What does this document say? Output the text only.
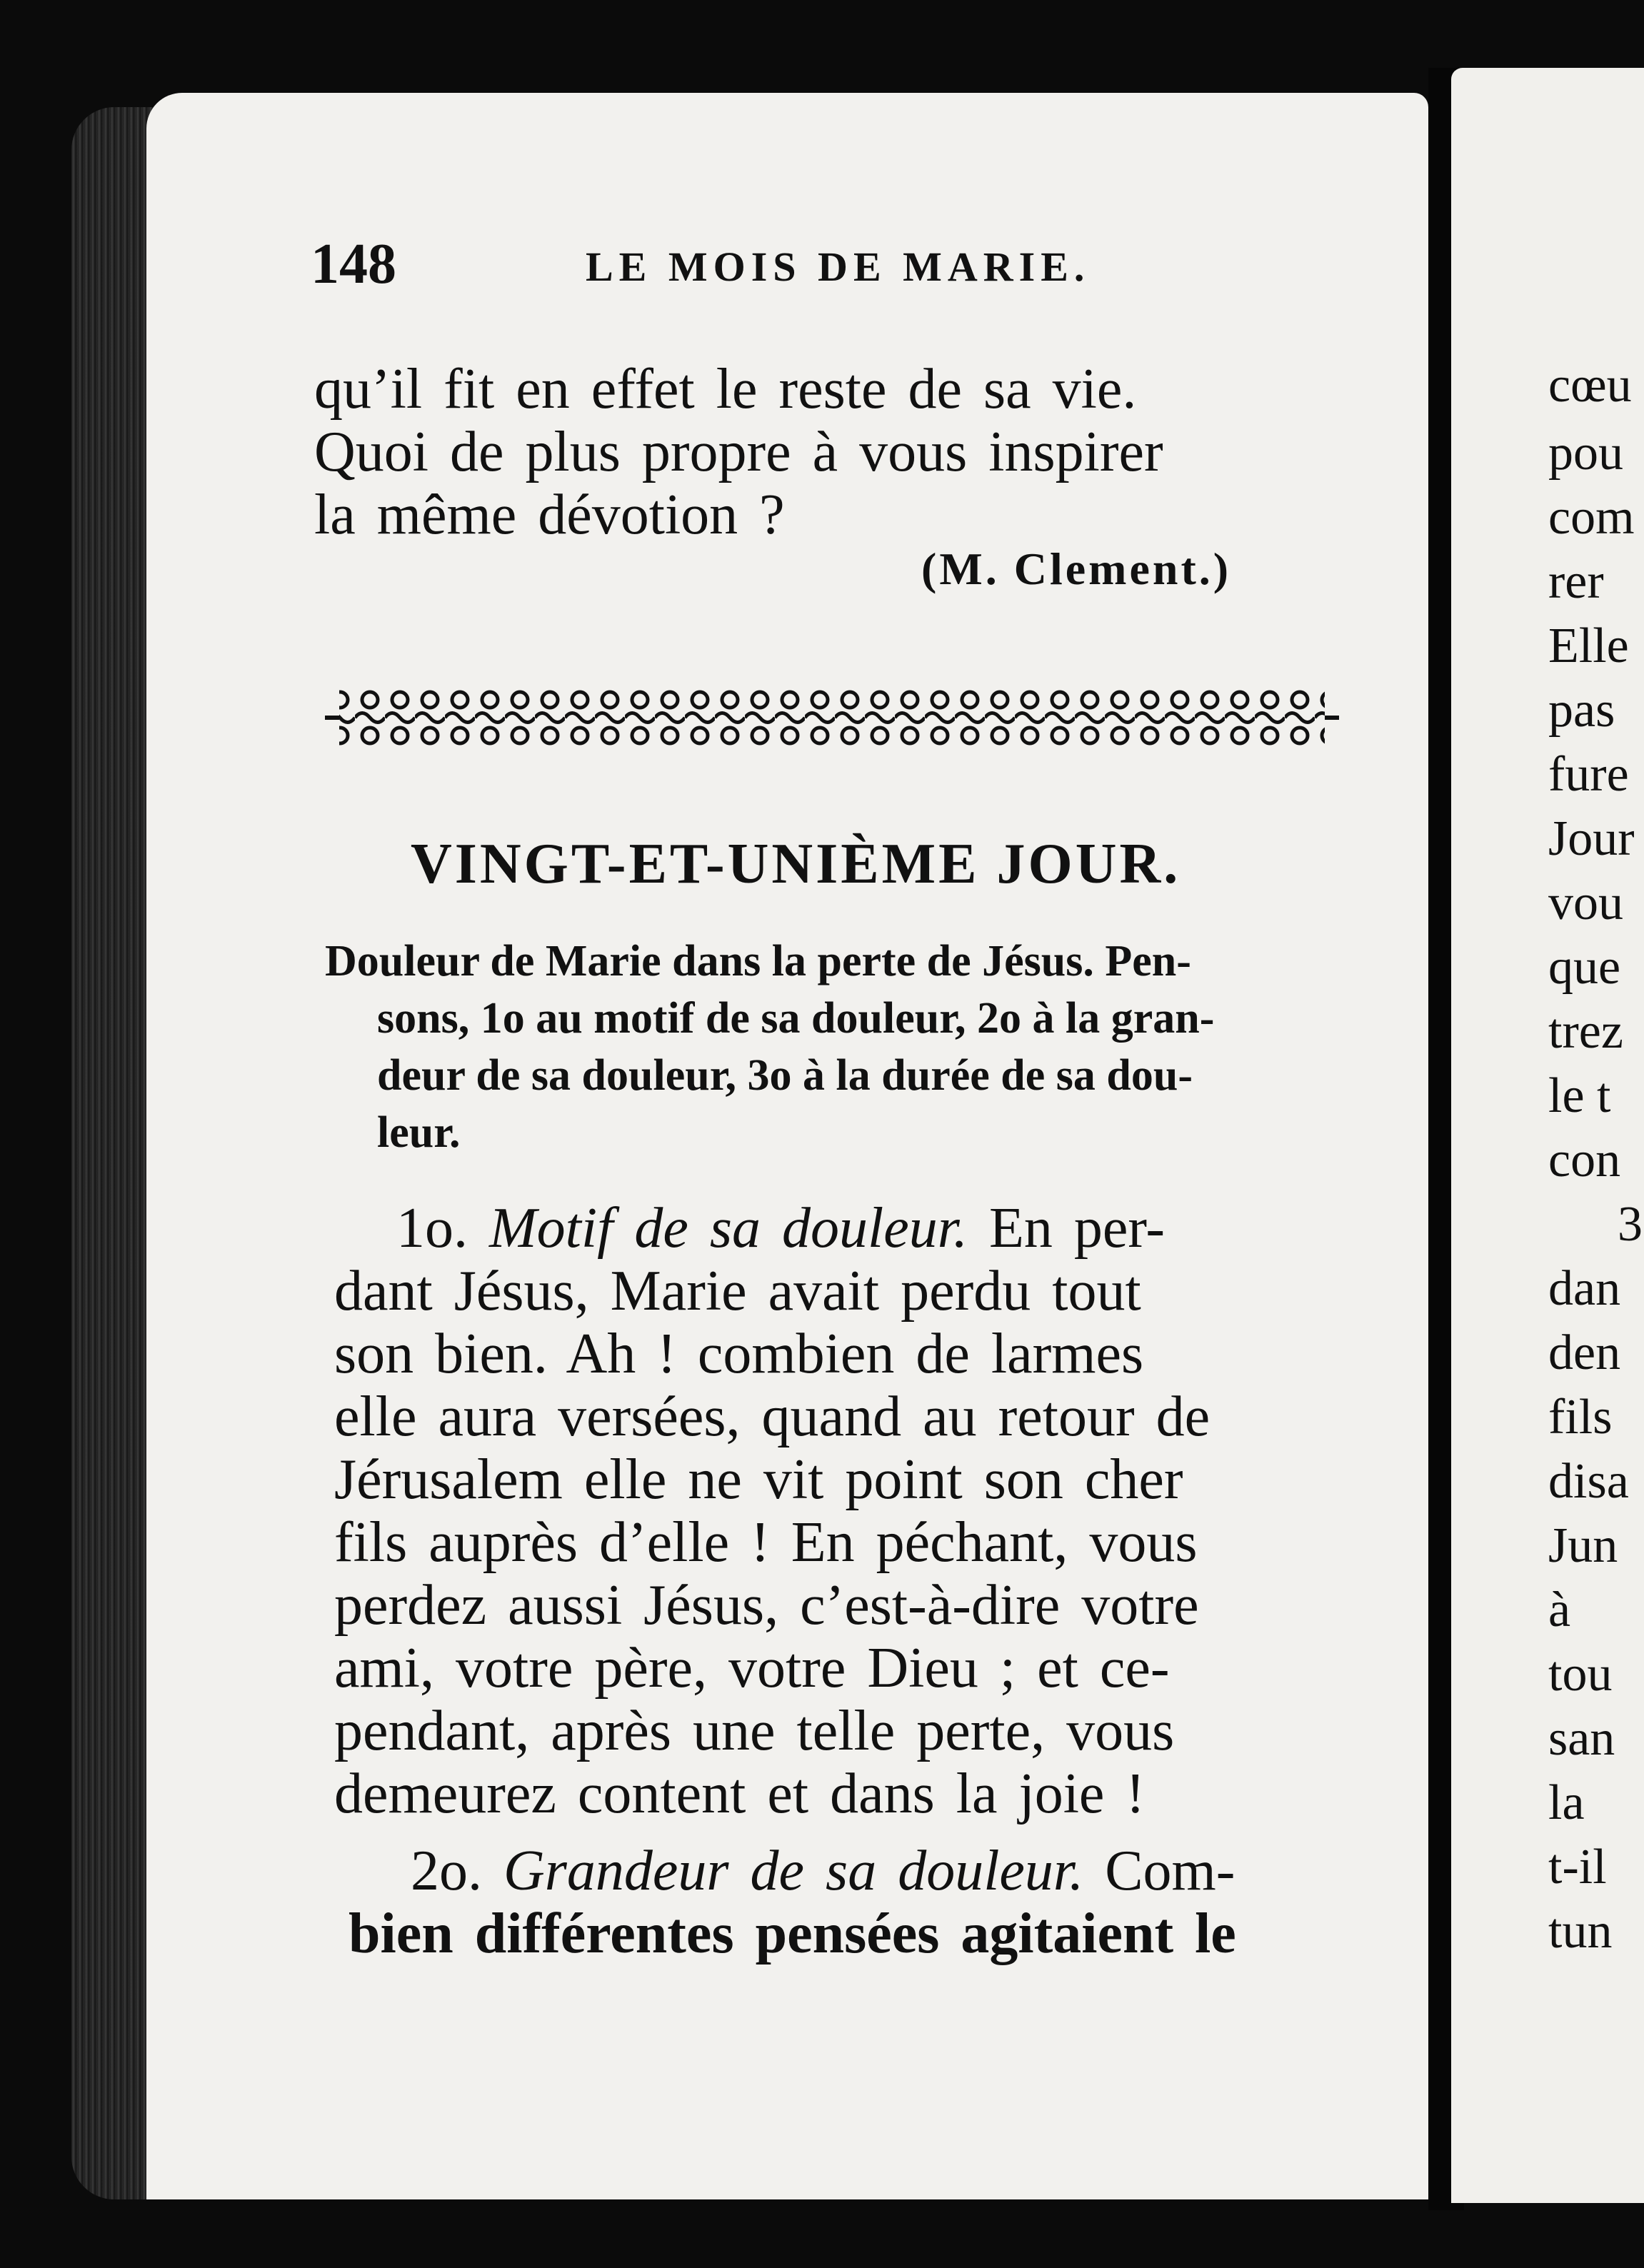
148	LE MOIS DE MARIE.
qu’il fit en effet le reste de sa vie.
Quoi de plus propre à vous inspirer
la même dévotion ?
(M. Clement.)
VINGT-ET-UNIÈME JOUR.
Douleur de Marie dans la perte de Jésus. Pen-
sons, 1o au motif de sa douleur, 2o à la gran-
deur de sa douleur, 3o à la durée de sa dou-
leur.
1o. Motif de sa douleur. En per-
dant Jésus, Marie avait perdu tout
son bien. Ah ! combien de larmes
elle aura versées, quand au retour de
Jérusalem elle ne vit point son cher
fils auprès d’elle ! En péchant, vous
perdez aussi Jésus, c’est-à-dire votre
ami, votre père, votre Dieu ; et ce-
pendant, après une telle perte, vous
demeurez content et dans la joie !
2o. Grandeur de sa douleur. Com-
bien différentes pensées agitaient le
cœu
pou
com
rer
Elle
pas
fure
Jour
vou
que
trez
le t
con
3
dan
den
fils
disa
Jun
à
tou
san
la
t-il
tun
